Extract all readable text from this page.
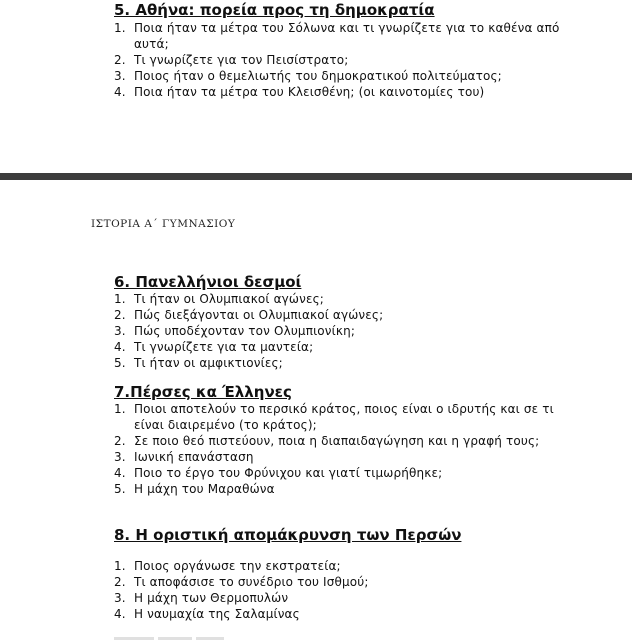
5. Αθήνα: πορεία προς τη δημοκρατία
1. Ποια ήταν τα μέτρα του Σόλωνα και τι γνωρίζετε για το καθένα από αυτά;
2. Τι γνωρίζετε για τον Πεισίστρατο;
3. Ποιος ήταν ο θεμελιωτής του δημοκρατικού πολιτεύματος;
4. Ποια ήταν τα μέτρα του Κλεισθένη; (οι καινοτομίες του)
ΙΣΤΟΡΙΑ Α΄ ΓΥΜΝΑΣΙΟΥ
6. Πανελλήνιοι δεσμοί
1. Τι ήταν οι Ολυμπιακοί αγώνες;
2. Πώς διεξάγονται οι Ολυμπιακοί αγώνες;
3. Πώς υποδέχονταν τον Ολυμπιονίκη;
4. Τι γνωρίζετε για τα μαντεία;
5. Τι ήταν οι αμφικτιονίες;
7.Πέρσες κα Έλληνες
1. Ποιοι αποτελούν το περσικό κράτος, ποιος είναι ο ιδρυτής και σε τι είναι διαιρεμένο (το κράτος);
2. Σε ποιο θεό πιστεύουν, ποια η διαπαιδαγώγηση και η γραφή τους;
3. Ιωνική επανάσταση
4. Ποιο το έργο του Φρύνιχου και γιατί τιμωρήθηκε;
5. Η μάχη του Μαραθώνα
8. Η οριστική απομάκρυνση των Περσών
1. Ποιος οργάνωσε την εκστρατεία;
2. Τι αποφάσισε το συνέδριο του Ισθμού;
3. Η μάχη των Θερμοπυλών
4. Η ναυμαχία της Σαλαμίνας
